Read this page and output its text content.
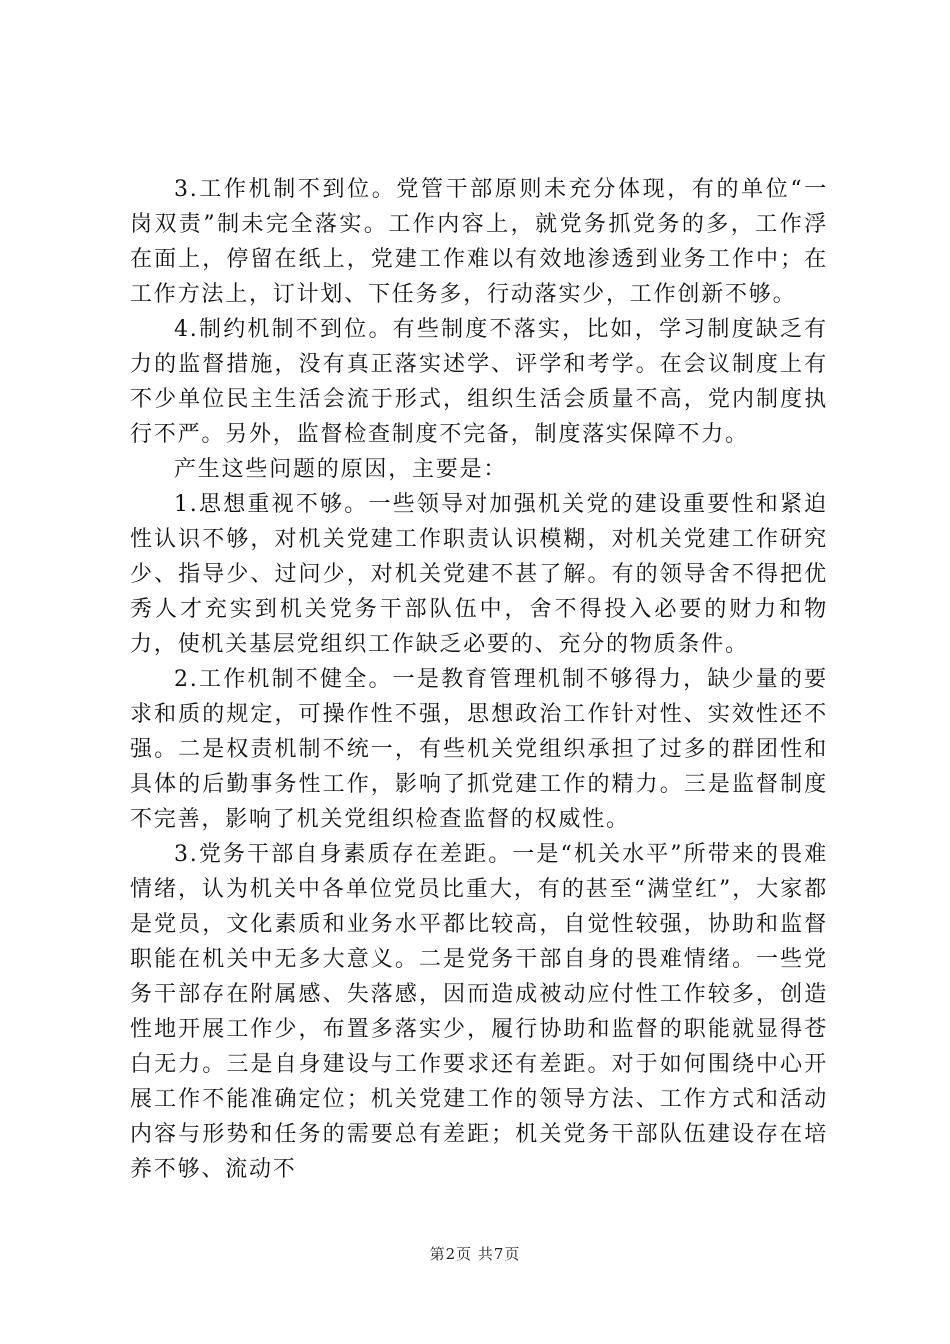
3.工作机制不到位。党管干部原则未充分体现，有的单位“一岗双责”制未完全落实。工作内容上，就党务抓党务的多，工作浮在面上，停留在纸上，党建工作难以有效地渗透到业务工作中；在工作方法上，订计划、下任务多，行动落实少，工作创新不够。

4.制约机制不到位。有些制度不落实，比如，学习制度缺乏有力的监督措施，没有真正落实述学、评学和考学。在会议制度上有不少单位民主生活会流于形式，组织生活会质量不高，党内制度执行不严。另外，监督检查制度不完备，制度落实保障不力。

产生这些问题的原因，主要是：

1.思想重视不够。一些领导对加强机关党的建设重要性和紧迫性认识不够，对机关党建工作职责认识模糊，对机关党建工作研究少、指导少、过问少，对机关党建不甚了解。有的领导舍不得把优秀人才充实到机关党务干部队伍中，舍不得投入必要的财力和物力，使机关基层党组织工作缺乏必要的、充分的物质条件。

2.工作机制不健全。一是教育管理机制不够得力，缺少量的要求和质的规定，可操作性不强，思想政治工作针对性、实效性还不强。二是权责机制不统一，有些机关党组织承担了过多的群团性和具体的后勤事务性工作，影响了抓党建工作的精力。三是监督制度不完善，影响了机关党组织检查监督的权威性。

3.党务干部自身素质存在差距。一是“机关水平”所带来的畏难情绪，认为机关中各单位党员比重大，有的甚至“满堂红”，大家都是党员，文化素质和业务水平都比较高，自觉性较强，协助和监督职能在机关中无多大意义。二是党务干部自身的畏难情绪。一些党务干部存在附属感、失落感，因而造成被动应付性工作较多，创造性地开展工作少，布置多落实少，履行协助和监督的职能就显得苍白无力。三是自身建设与工作要求还有差距。对于如何围绕中心开展工作不能准确定位；机关党建工作的领导方法、工作方式和活动内容与形势和任务的需要总有差距；机关党务干部队伍建设存在培养不够、流动不

第2页 共7页
